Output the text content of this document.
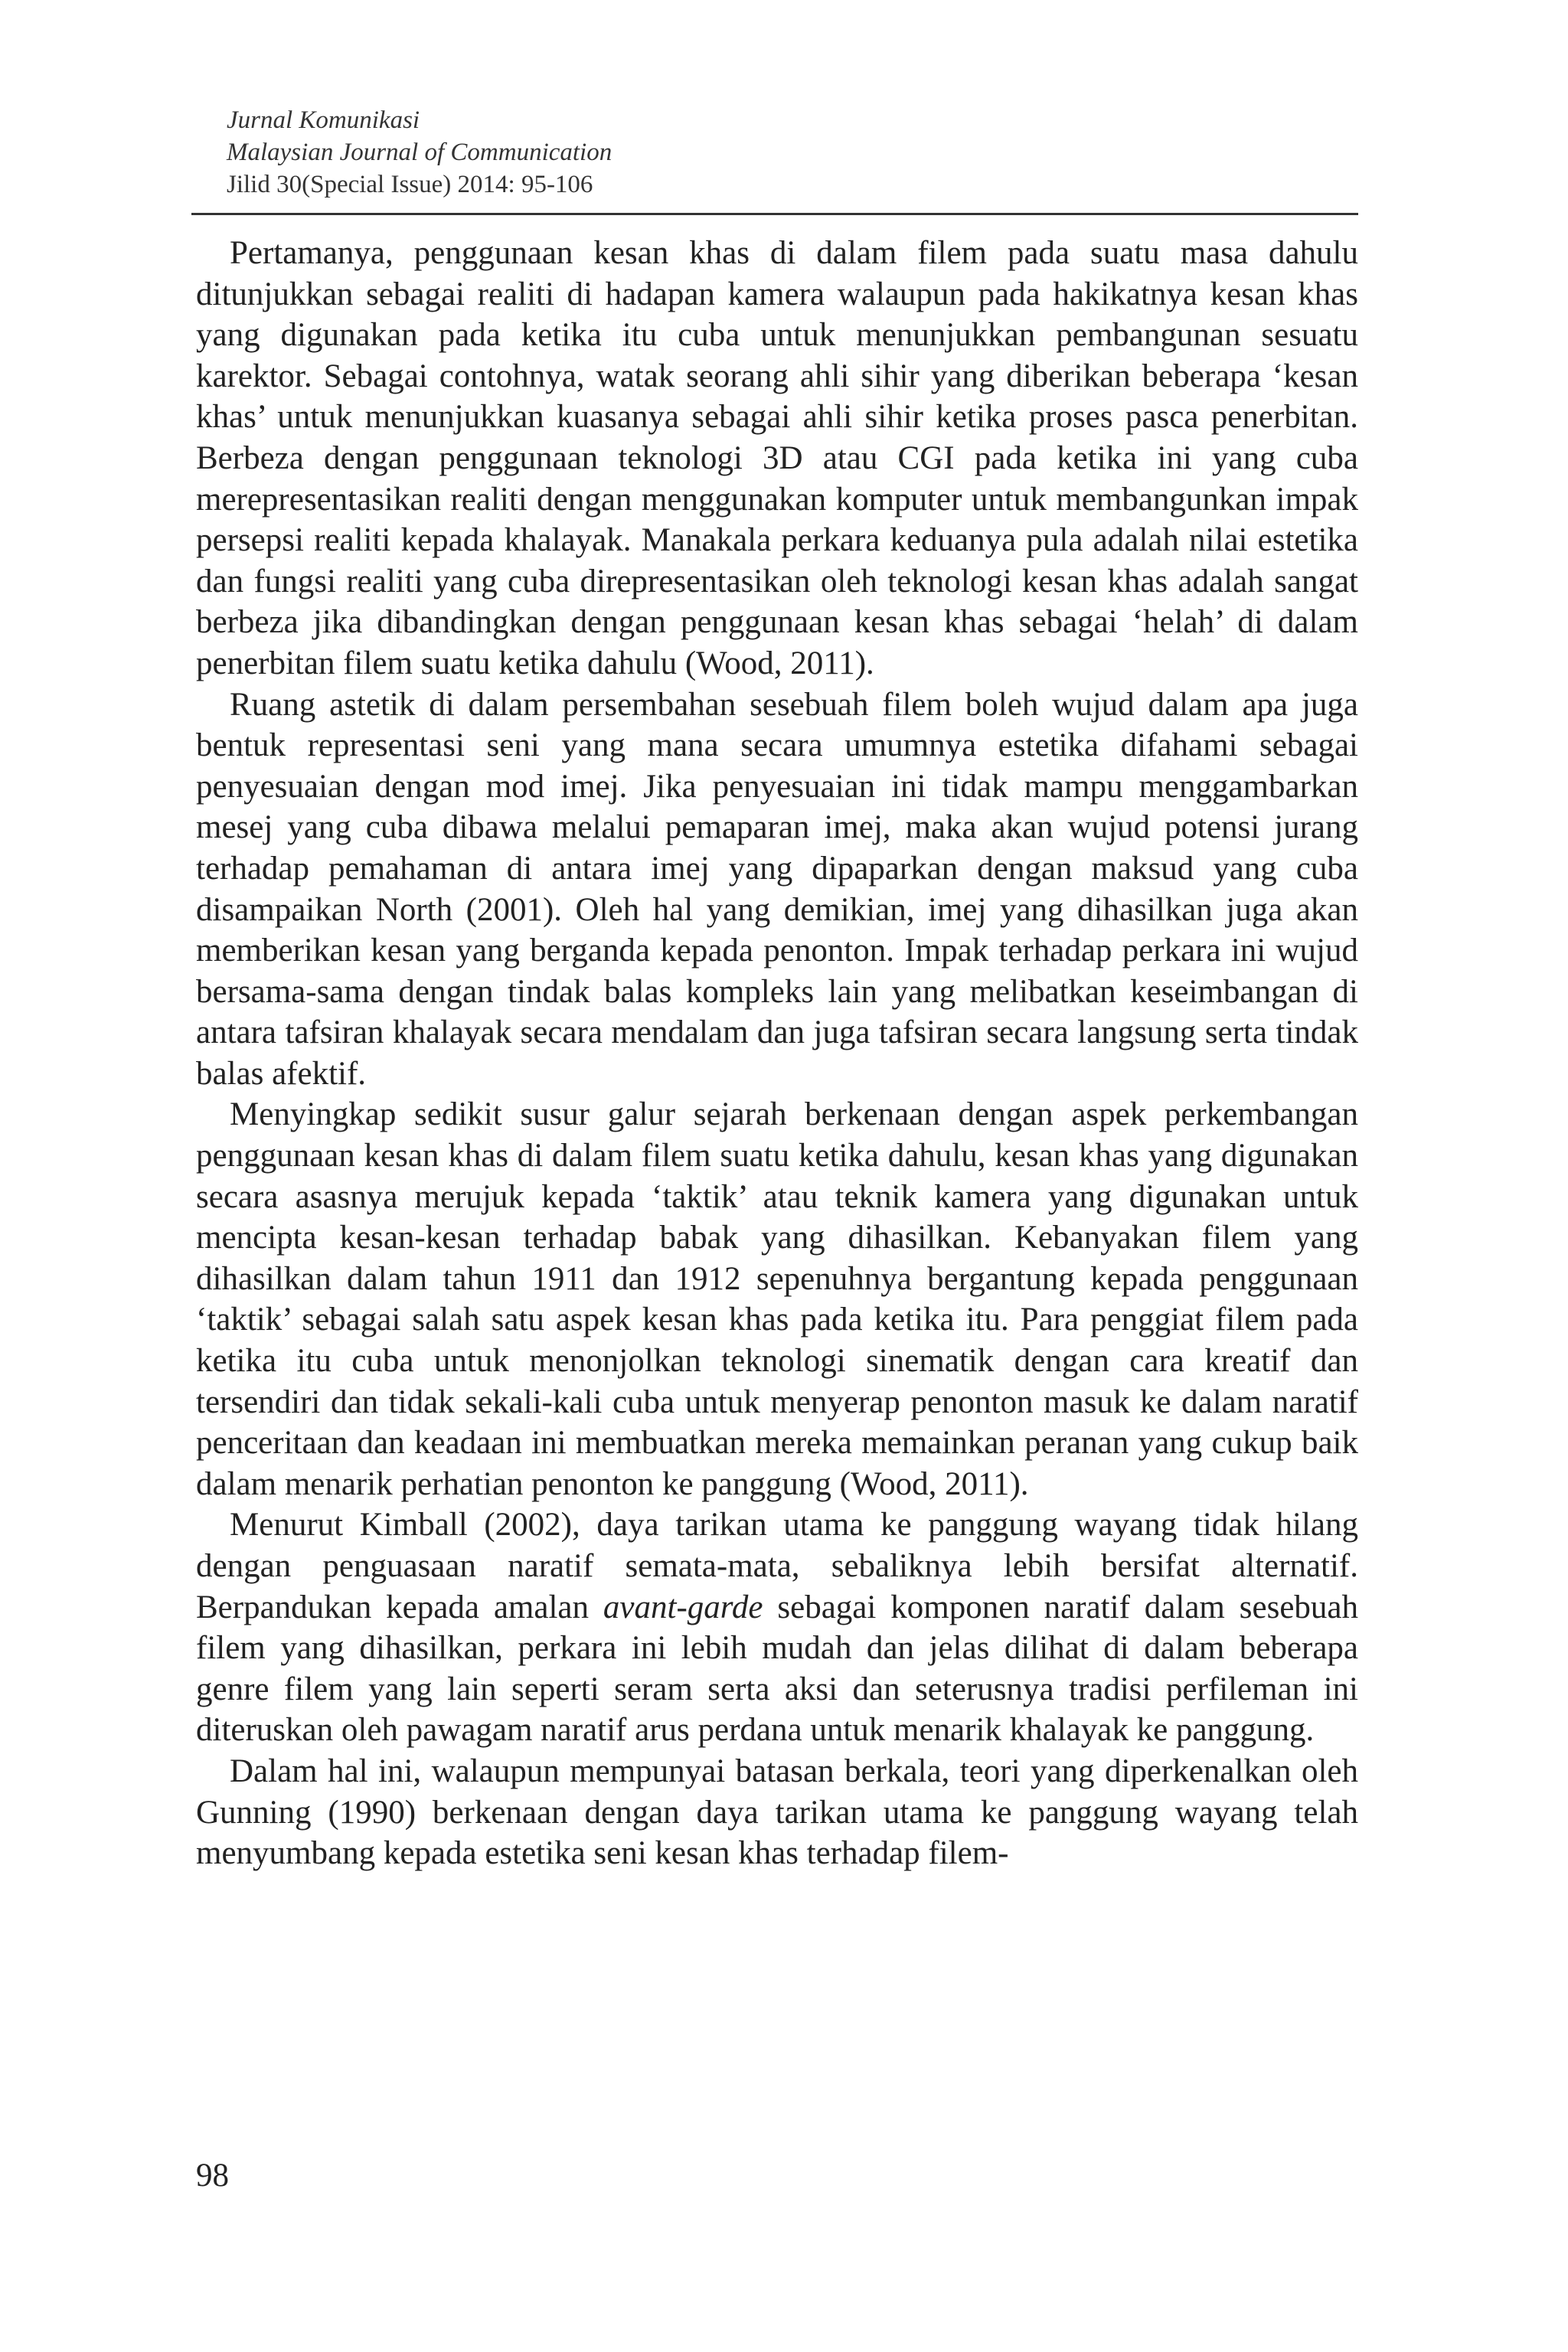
Jurnal Komunikasi
Malaysian Journal of Communication
Jilid 30(Special Issue) 2014: 95-106

Pertamanya, penggunaan kesan khas di dalam filem pada suatu masa dahulu ditunjukkan sebagai realiti di hadapan kamera walaupun pada hakikatnya kesan khas yang digunakan pada ketika itu cuba untuk menunjukkan pembangunan sesuatu karektor. Sebagai contohnya, watak seorang ahli sihir yang diberikan beberapa ‘kesan khas’ untuk menunjukkan kuasanya sebagai ahli sihir ketika proses pasca penerbitan. Berbeza dengan penggunaan teknologi 3D atau CGI pada ketika ini yang cuba merepresentasikan realiti dengan menggunakan komputer untuk membangunkan impak persepsi realiti kepada khalayak. Manakala perkara keduanya pula adalah nilai estetika dan fungsi realiti yang cuba direpresentasikan oleh teknologi kesan khas adalah sangat berbeza jika dibandingkan dengan penggunaan kesan khas sebagai ‘helah’ di dalam penerbitan filem suatu ketika dahulu (Wood, 2011).

Ruang astetik di dalam persembahan sesebuah filem boleh wujud dalam apa juga bentuk representasi seni yang mana secara umumnya estetika difahami sebagai penyesuaian dengan mod imej. Jika penyesuaian ini tidak mampu menggambarkan mesej yang cuba dibawa melalui pemaparan imej, maka akan wujud potensi jurang terhadap pemahaman di antara imej yang dipaparkan dengan maksud yang cuba disampaikan North (2001). Oleh hal yang demikian, imej yang dihasilkan juga akan memberikan kesan yang berganda kepada penonton. Impak terhadap perkara ini wujud bersama-sama dengan tindak balas kompleks lain yang melibatkan keseimbangan di antara tafsiran khalayak secara mendalam dan juga tafsiran secara langsung serta tindak balas afektif.

Menyingkap sedikit susur galur sejarah berkenaan dengan aspek perkembangan penggunaan kesan khas di dalam filem suatu ketika dahulu, kesan khas yang digunakan secara asasnya merujuk kepada ‘taktik’ atau teknik kamera yang digunakan untuk mencipta kesan-kesan terhadap babak yang dihasilkan. Kebanyakan filem yang dihasilkan dalam tahun 1911 dan 1912 sepenuhnya bergantung kepada penggunaan ‘taktik’ sebagai salah satu aspek kesan khas pada ketika itu. Para penggiat filem pada ketika itu cuba untuk menonjolkan teknologi sinematik dengan cara kreatif dan tersendiri dan tidak sekali-kali cuba untuk menyerap penonton masuk ke dalam naratif penceritaan dan keadaan ini membuatkan mereka memainkan peranan yang cukup baik dalam menarik perhatian penonton ke panggung (Wood, 2011).

Menurut Kimball (2002), daya tarikan utama ke panggung wayang tidak hilang dengan penguasaan naratif semata-mata, sebaliknya lebih bersifat alternatif. Berpandukan kepada amalan avant-garde sebagai komponen naratif dalam sesebuah filem yang dihasilkan, perkara ini lebih mudah dan jelas dilihat di dalam beberapa genre filem yang lain seperti seram serta aksi dan seterusnya tradisi perfileman ini diteruskan oleh pawagam naratif arus perdana untuk menarik khalayak ke panggung.

Dalam hal ini, walaupun mempunyai batasan berkala, teori yang diperkenalkan oleh Gunning (1990) berkenaan dengan daya tarikan utama ke panggung wayang telah menyumbang kepada estetika seni kesan khas terhadap filem-

98
